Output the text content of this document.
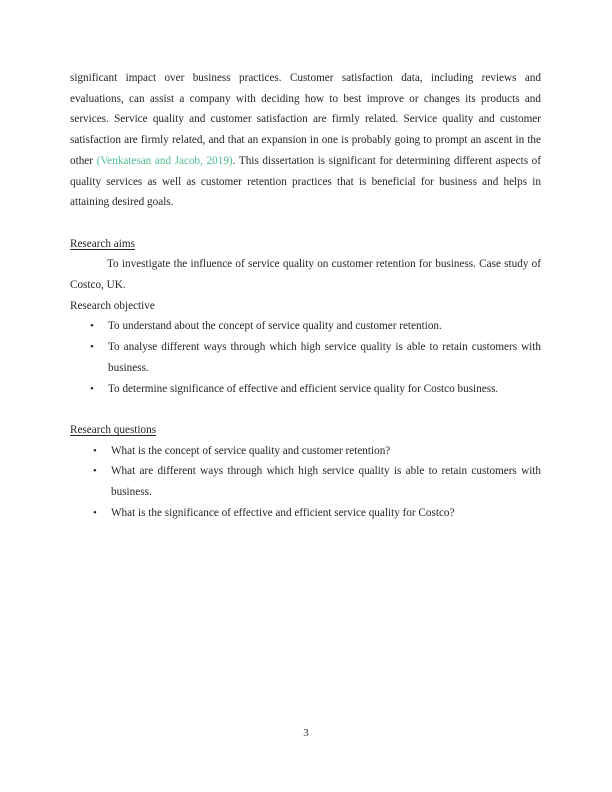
significant impact over business practices. Customer satisfaction data, including reviews and evaluations, can assist a company with deciding how to best improve or changes its products and services. Service quality and customer satisfaction are firmly related. Service quality and customer satisfaction are firmly related, and that an expansion in one is probably going to prompt an ascent in the other (Venkatesan and Jacob, 2019). This dissertation is significant for determining different aspects of quality services as well as customer retention practices that is beneficial for business and helps in attaining desired goals.

Research aims

To investigate the influence of service quality on customer retention for business. Case study of Costco, UK.

Research objective

• To understand about the concept of service quality and customer retention.
• To analyse different ways through which high service quality is able to retain customers with business.
• To determine significance of effective and efficient service quality for Costco business.

Research questions

• What is the concept of service quality and customer retention?
• What are different ways through which high service quality is able to retain customers with business.
• What is the significance of effective and efficient service quality for Costco?
3
